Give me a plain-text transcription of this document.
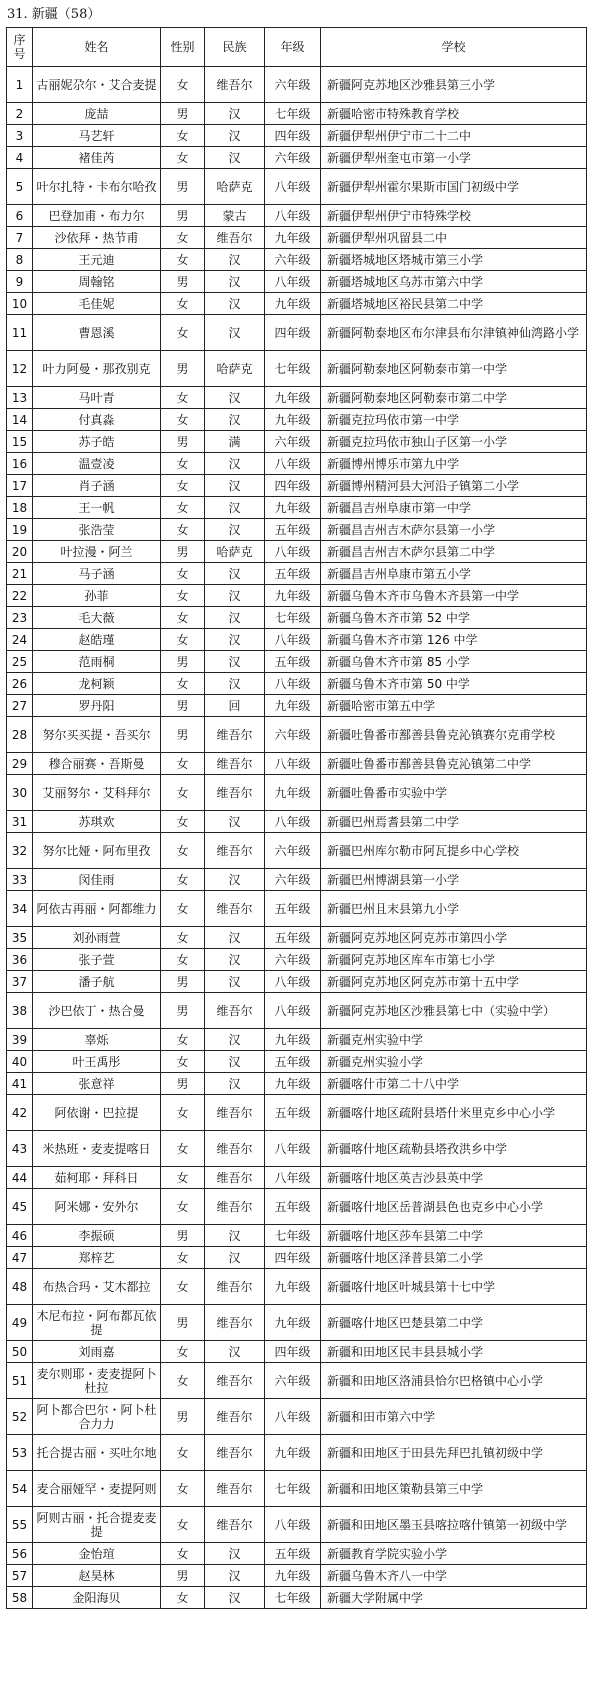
31. 新疆（58）
序号	姓名	性别	民族	年级	学校
1	古丽妮尕尔・艾合麦提	女	维吾尔	六年级	新疆阿克苏地区沙雅县第三小学
2	庞喆	男	汉	七年级	新疆哈密市特殊教育学校
3	马艺轩	女	汉	四年级	新疆伊犁州伊宁市二十二中
4	褚佳芮	女	汉	六年级	新疆伊犁州奎屯市第一小学
5	叶尔扎特・卡布尔哈孜	男	哈萨克	八年级	新疆伊犁州霍尔果斯市国门初级中学
6	巴登加甫・布力尔	男	蒙古	八年级	新疆伊犁州伊宁市特殊学校
7	沙依拜・热节甫	女	维吾尔	九年级	新疆伊犁州巩留县二中
8	王元迪	女	汉	六年级	新疆塔城地区塔城市第三小学
9	周翰铭	男	汉	八年级	新疆塔城地区乌苏市第六中学
10	毛佳妮	女	汉	九年级	新疆塔城地区裕民县第二中学
11	曹恩溪	女	汉	四年级	新疆阿勒泰地区布尔津县布尔津镇神仙湾路小学
12	叶力阿曼・那孜别克	男	哈萨克	七年级	新疆阿勒泰地区阿勒泰市第一中学
13	马叶青	女	汉	九年级	新疆阿勒泰地区阿勒泰市第二中学
14	付真淼	女	汉	九年级	新疆克拉玛依市第一中学
15	苏子皓	男	满	六年级	新疆克拉玛依市独山子区第一小学
16	温壹凌	女	汉	八年级	新疆博州博乐市第九中学
17	肖子涵	女	汉	四年级	新疆博州精河县大河沿子镇第二小学
18	王一帆	女	汉	九年级	新疆昌吉州阜康市第一中学
19	张浩莹	女	汉	五年级	新疆昌吉州吉木萨尔县第一小学
20	叶拉漫・阿兰	男	哈萨克	八年级	新疆昌吉州吉木萨尔县第二中学
21	马子涵	女	汉	五年级	新疆昌吉州阜康市第五小学
22	孙菲	女	汉	九年级	新疆乌鲁木齐市乌鲁木齐县第一中学
23	毛大薇	女	汉	七年级	新疆乌鲁木齐市第 52 中学
24	赵皓瑾	女	汉	八年级	新疆乌鲁木齐市第 126 中学
25	范雨桐	男	汉	五年级	新疆乌鲁木齐市第 85 小学
26	龙柯颖	女	汉	八年级	新疆乌鲁木齐市第 50 中学
27	罗丹阳	男	回	九年级	新疆哈密市第五中学
28	努尔买买提・吾买尔	男	维吾尔	六年级	新疆吐鲁番市鄯善县鲁克沁镇赛尔克甫学校
29	穆合丽赛・吾斯曼	女	维吾尔	八年级	新疆吐鲁番市鄯善县鲁克沁镇第二中学
30	艾丽努尔・艾科拜尔	女	维吾尔	九年级	新疆吐鲁番市实验中学
31	苏琪欢	女	汉	八年级	新疆巴州焉耆县第二中学
32	努尔比娅・阿布里孜	女	维吾尔	六年级	新疆巴州库尔勒市阿瓦提乡中心学校
33	闵佳雨	女	汉	六年级	新疆巴州博湖县第一小学
34	阿依古再丽・阿都维力	女	维吾尔	五年级	新疆巴州且末县第九小学
35	刘孙雨萱	女	汉	五年级	新疆阿克苏地区阿克苏市第四小学
36	张子萱	女	汉	六年级	新疆阿克苏地区库车市第七小学
37	潘子航	男	汉	八年级	新疆阿克苏地区阿克苏市第十五中学
38	沙巴依丁・热合曼	男	维吾尔	八年级	新疆阿克苏地区沙雅县第七中（实验中学）
39	辜烁	女	汉	九年级	新疆克州实验中学
40	叶王禹彤	女	汉	五年级	新疆克州实验小学
41	张意祥	男	汉	九年级	新疆喀什市第二十八中学
42	阿依谢・巴拉提	女	维吾尔	五年级	新疆喀什地区疏附县塔什米里克乡中心小学
43	米热班・麦麦提喀日	女	维吾尔	八年级	新疆喀什地区疏勒县塔孜洪乡中学
44	茹柯耶・拜科日	女	维吾尔	八年级	新疆喀什地区英吉沙县英中学
45	阿米娜・安外尔	女	维吾尔	五年级	新疆喀什地区岳普湖县色也克乡中心小学
46	李振硕	男	汉	七年级	新疆喀什地区莎车县第二中学
47	郑梓艺	女	汉	四年级	新疆喀什地区泽普县第二小学
48	布热合玛・艾木都拉	女	维吾尔	九年级	新疆喀什地区叶城县第十七中学
49	木尼布拉・阿布都瓦依提	男	维吾尔	九年级	新疆喀什地区巴楚县第二中学
50	刘雨嘉	女	汉	四年级	新疆和田地区民丰县县城小学
51	麦尔则耶・麦麦提阿卜杜拉	女	维吾尔	六年级	新疆和田地区洛浦县恰尔巴格镇中心小学
52	阿卜都合巴尔・阿卜杜合力力	男	维吾尔	八年级	新疆和田市第六中学
53	托合提古丽・买吐尔地	女	维吾尔	九年级	新疆和田地区于田县先拜巴扎镇初级中学
54	麦合丽娅罕・麦提阿则	女	维吾尔	七年级	新疆和田地区策勒县第三中学
55	阿则古丽・托合提麦麦提	女	维吾尔	八年级	新疆和田地区墨玉县喀拉喀什镇第一初级中学
56	金怡瑄	女	汉	五年级	新疆教育学院实验小学
57	赵昊林	男	汉	九年级	新疆乌鲁木齐八一中学
58	金阳海贝	女	汉	七年级	新疆大学附属中学
